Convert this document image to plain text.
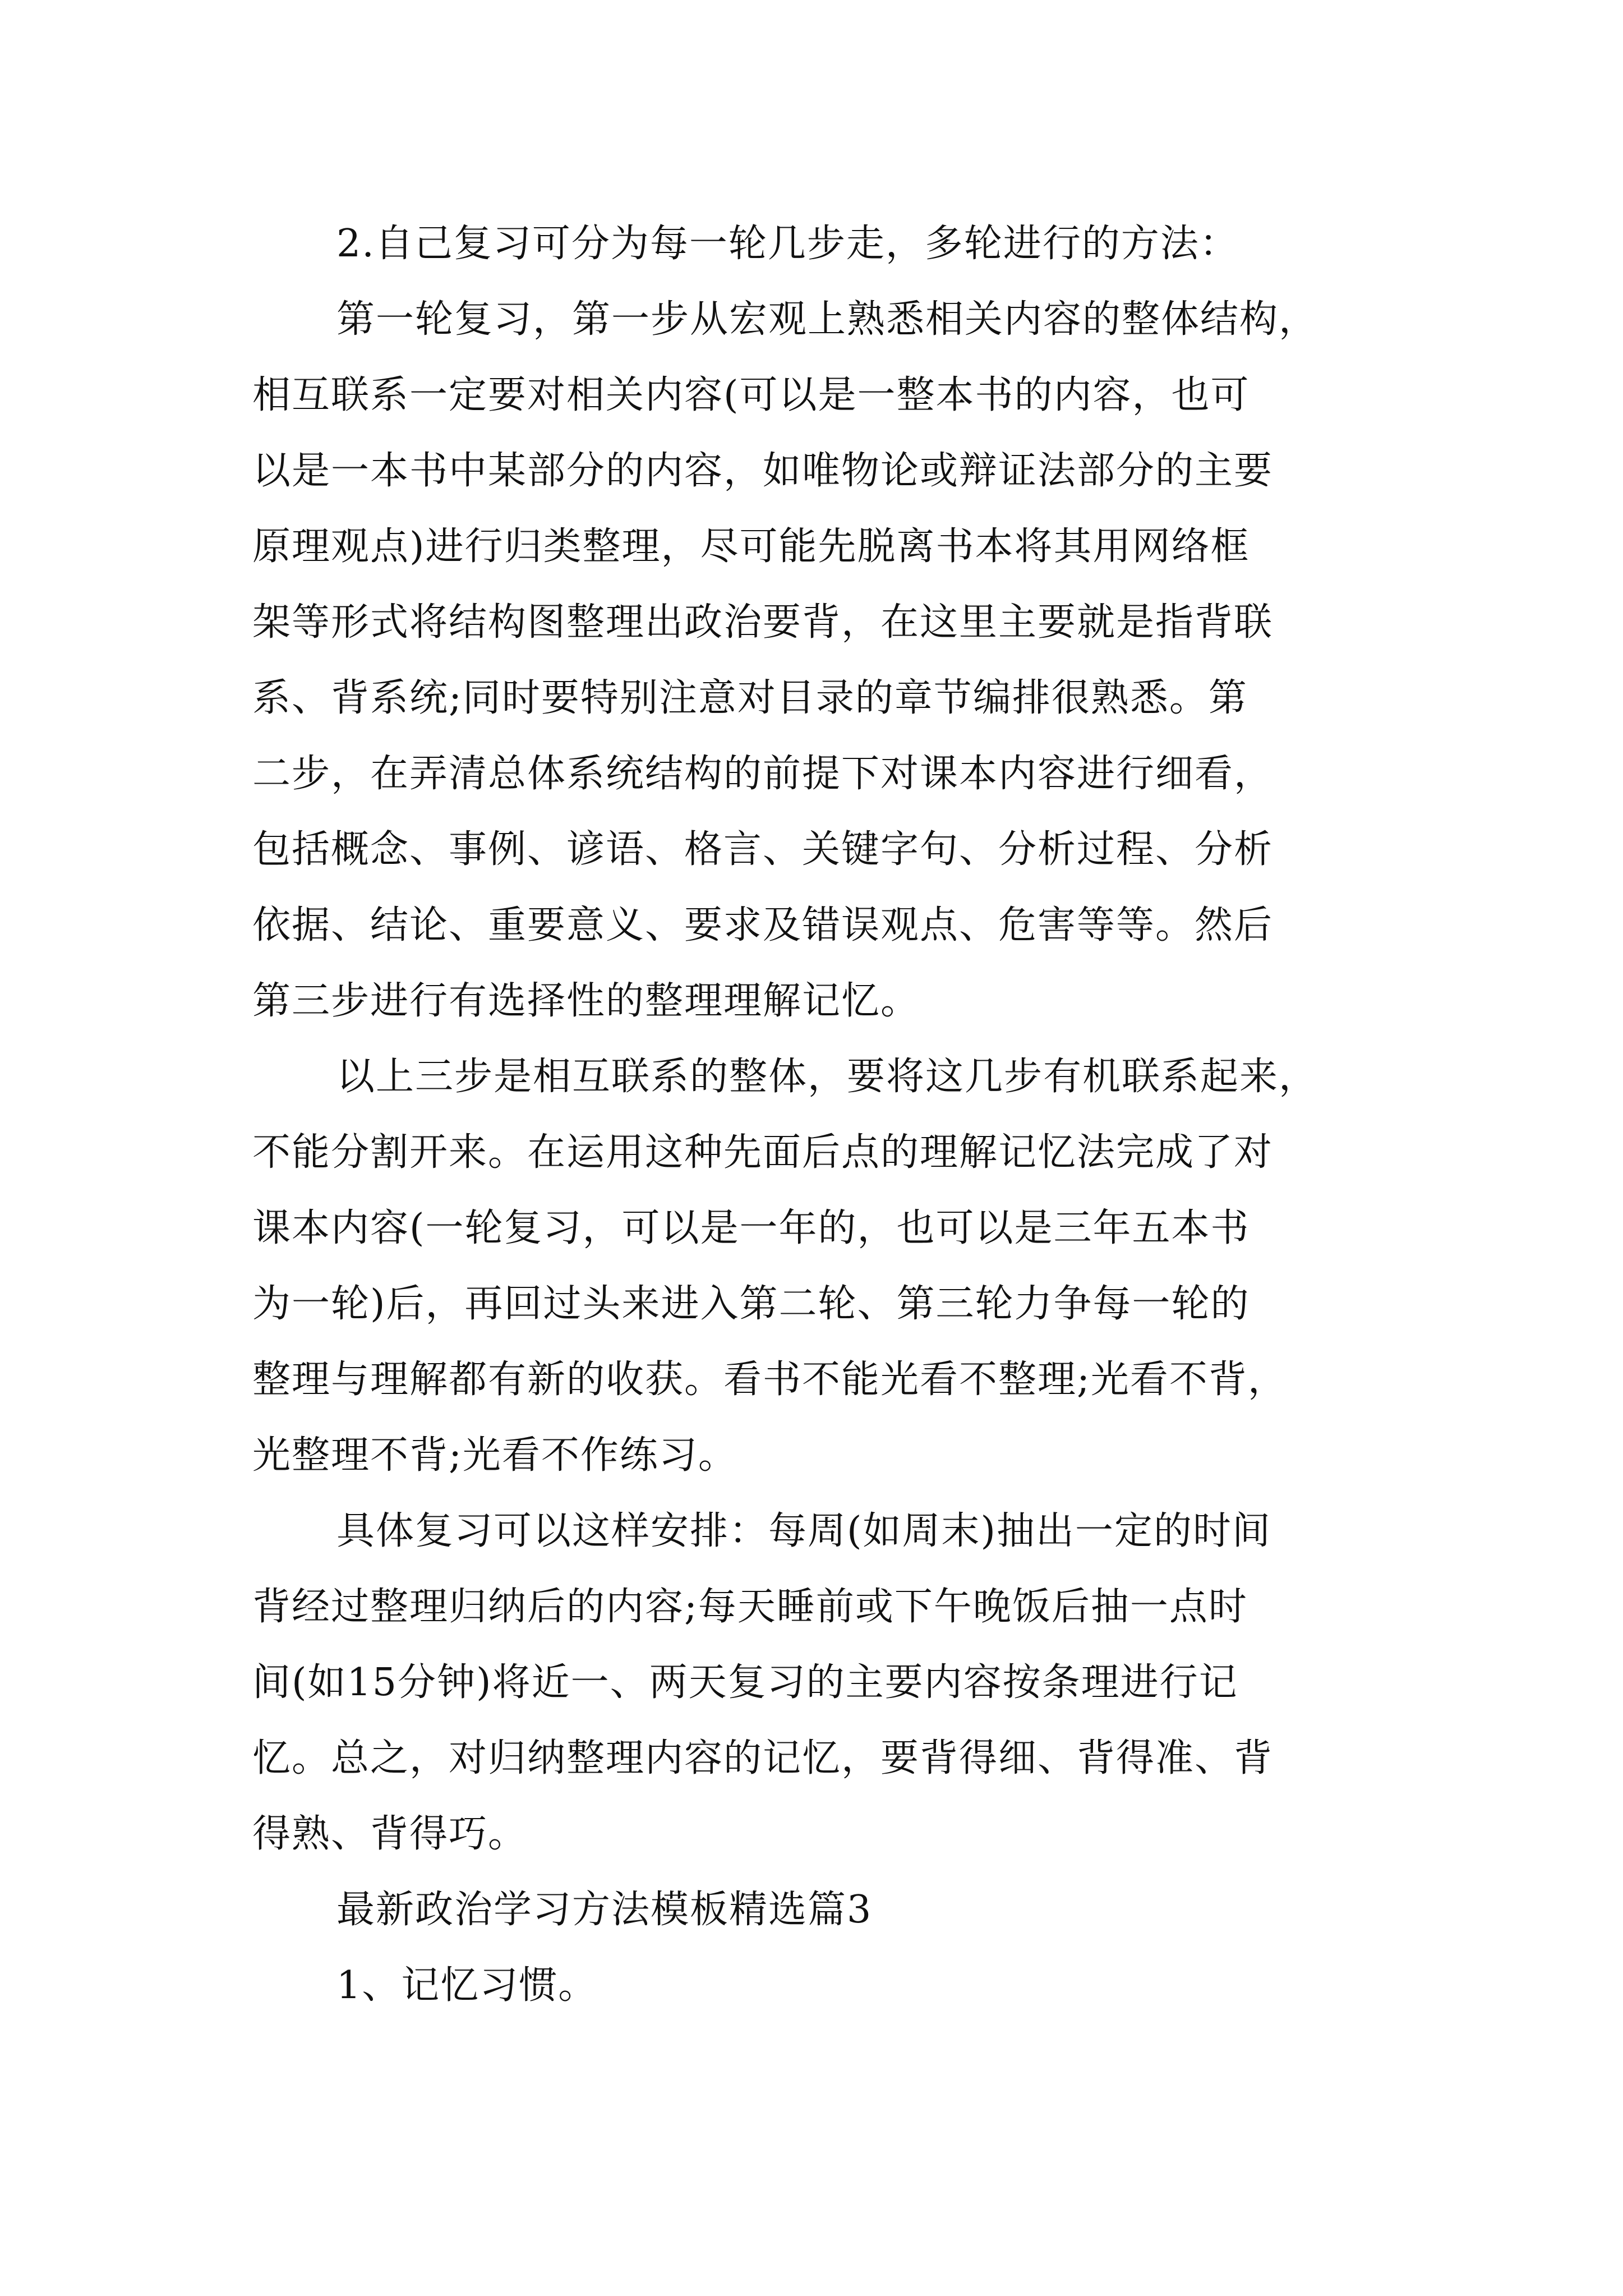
2.自己复习可分为每一轮几步走，多轮进行的方法：
第一轮复习，第一步从宏观上熟悉相关内容的整体结构，
相互联系一定要对相关内容(可以是一整本书的内容，也可
以是一本书中某部分的内容，如唯物论或辩证法部分的主要
原理观点)进行归类整理，尽可能先脱离书本将其用网络框
架等形式将结构图整理出政治要背，在这里主要就是指背联
系、背系统;同时要特别注意对目录的章节编排很熟悉。第
二步，在弄清总体系统结构的前提下对课本内容进行细看，
包括概念、事例、谚语、格言、关键字句、分析过程、分析
依据、结论、重要意义、要求及错误观点、危害等等。然后
第三步进行有选择性的整理理解记忆。
以上三步是相互联系的整体，要将这几步有机联系起来，
不能分割开来。在运用这种先面后点的理解记忆法完成了对
课本内容(一轮复习，可以是一年的，也可以是三年五本书
为一轮)后，再回过头来进入第二轮、第三轮力争每一轮的
整理与理解都有新的收获。看书不能光看不整理;光看不背，
光整理不背;光看不作练习。
具体复习可以这样安排：每周(如周末)抽出一定的时间
背经过整理归纳后的内容;每天睡前或下午晚饭后抽一点时
间(如15分钟)将近一、两天复习的主要内容按条理进行记
忆。总之，对归纳整理内容的记忆，要背得细、背得准、背
得熟、背得巧。
最新政治学习方法模板精选篇3
1、记忆习惯。
